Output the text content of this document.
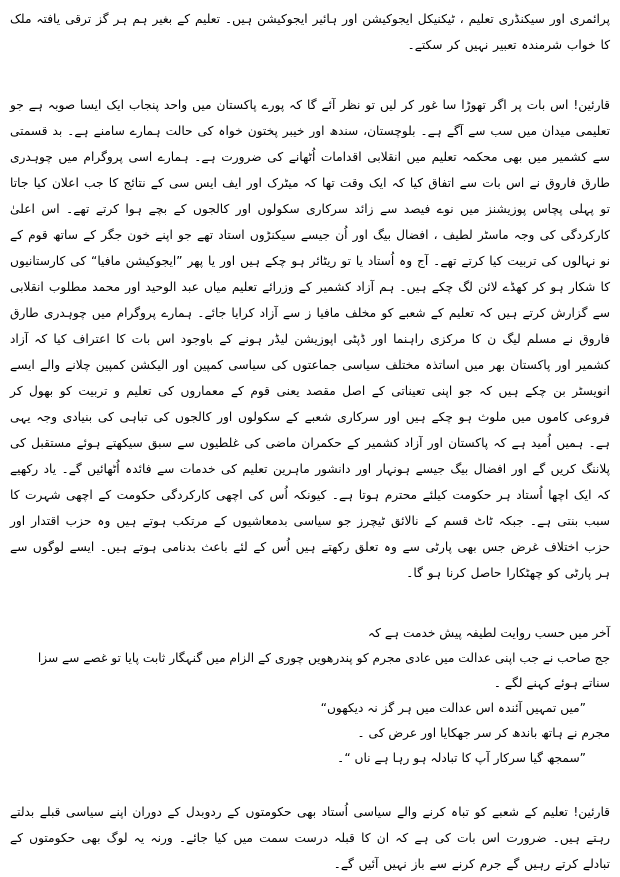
پرائمری اور سیکنڈری تعلیم ، ٹیکنیکل ایجوکیشن اور ہائیر ایجوکیشن ہیں۔ تعلیم کے بغیر ہم ہر گز ترقی یافتہ ملک کا خواب شرمندہ تعبیر نہیں کر سکتے۔

قارئین! اس بات پر اگر تھوڑا سا غور کر لیں تو نظر آئے گا کہ پورے پاکستان میں واحد پنجاب ایک ایسا صوبہ ہے جو تعلیمی میدان میں سب سے آگے ہے۔ بلوچستان، سندھ اور خیبر پختون خواہ کی حالت ہمارے سامنے ہے۔ بد قسمتی سے کشمیر میں بھی محکمہ تعلیم میں انقلابی اقدامات اُٹھانے کی ضرورت ہے۔ ہمارے اسی پروگرام میں چوہدری طارق فاروق نے اس بات سے اتفاق کیا کہ ایک وقت تھا کہ میٹرک اور ایف ایس سی کے نتائج کا جب اعلان کیا جاتا تو پہلی پچاس پوزیشنز میں نوے فیصد سے زائد سرکاری سکولوں اور کالجوں کے بچے ہوا کرتے تھے۔ اس اعلیٰ کارکردگی کی وجہ ماسٹر لطیف ، افضال بیگ اور اُن جیسے سیکنڑوں استاد تھے جو اپنے خون جگر کے ساتھ قوم کے نو نہالوں کی تربیت کیا کرتے تھے۔ آج وہ اُستاد یا تو ریٹائر ہو چکے ہیں اور یا پھر ”ایجوکیشن مافیا“ کی کارستانیوں کا شکار ہو کر کھڈے لائن لگ چکے ہیں۔ ہم آزاد کشمیر کے وزرائے تعلیم میاں عبد الوحید اور محمد مطلوب انقلابی سے گزارش کرتے ہیں کہ تعلیم کے شعبے کو مخلف مافیا ز سے آزاد کرایا جائے۔ ہمارے پروگرام میں چوہدری طارق فاروق نے مسلم لیگ ن کا مرکزی راہنما اور ڈپٹی اپوزیشن لیڈر ہونے کے باوجود اس بات کا اعتراف کیا کہ آزاد کشمیر اور پاکستان بھر میں اساتذہ مختلف سیاسی جماعتوں کی سیاسی کمپین اور الیکشن کمپین چلانے والے ایسے انویسٹر بن چکے ہیں کہ جو اپنی تعیناتی کے اصل مقصد یعنی قوم کے معماروں کی تعلیم و تربیت کو بھول کر فروعی کاموں میں ملوث ہو چکے ہیں اور سرکاری شعبے کے سکولوں اور کالجوں کی تباہی کی بنیادی وجہ یہی ہے۔ ہمیں اُمید ہے کہ پاکستان اور آزاد کشمیر کے حکمران ماضی کی غلطیوں سے سبق سیکھتے ہوئے مستقبل کی پلاننگ کریں گے اور افضال بیگ جیسے ہونہار اور دانشور ماہرین تعلیم کی خدمات سے فائدہ اُٹھائیں گے۔ یاد رکھیے کہ ایک اچھا اُستاد ہر حکومت کیلئے محترم ہوتا ہے۔ کیونکہ اُس کی اچھی کارکردگی حکومت کے اچھی شہرت کا سبب بنتی ہے۔ جبکہ ٹاٹ قسم کے نالائق ٹیچرز جو سیاسی بدمعاشیوں کے مرتکب ہوتے ہیں وہ حزب اقتدار اور حزب اختلاف غرض جس بھی پارٹی سے وہ تعلق رکھتے ہیں اُس کے لئے باعث بدنامی ہوتے ہیں۔ ایسے لوگوں سے ہر پارٹی کو چھٹکارا حاصل کرنا ہو گا۔

آخر میں حسب روایت لطیفہ پیش خدمت ہے کہ

جج صاحب نے جب اپنی عدالت میں عادی مجرم کو پندرھویں چوری کے الزام میں گنہگار ثابت پایا تو غصے سے سزا سناتے ہوئے کہنے لگے ۔

”میں تمہیں آئندہ اس عدالت میں ہر گز نہ دیکھوں“

مجرم نے ہاتھ باندھ کر سر جھکایا اور عرض کی ۔

”سمجھ گیا سرکار آپ کا تبادلہ ہو رہا ہے ناں “۔

قارئین! تعلیم کے شعبے کو تباہ کرنے والے سیاسی اُستاد بھی حکومتوں کے ردوبدل کے دوران اپنے سیاسی قبلے بدلتے رہتے ہیں۔ ضرورت اس بات کی ہے کہ ان کا قبلہ درست سمت میں کیا جائے۔ ورنہ یہ لوگ بھی حکومتوں کے تبادلے کرتے رہیں گے جرم کرنے سے باز نہیں آئیں گے۔
